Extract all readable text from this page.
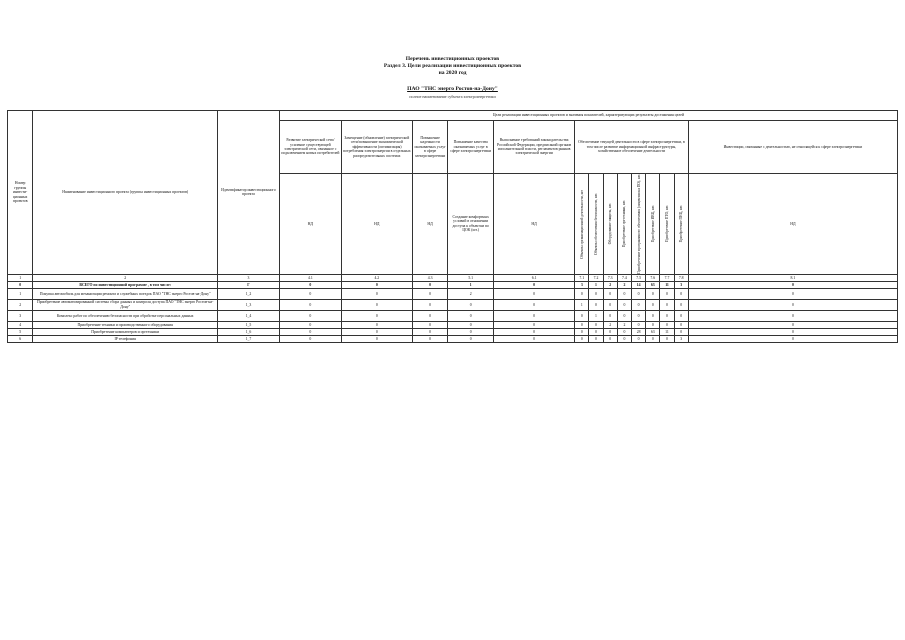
Перечень инвестиционных проектов
Раздел 3. Цели реализации инвестиционных проектов
на 2020 год
ПАО "ТНС энерго Ростов-на-Дону"
полное наименование субъекта электроэнергетики
Номер группы инвести-ционных проектов	Наименование инвестиционного проекта (группы инвестиционных проектов)	Идентификатор инвестиционного проекта	Цели реализации инвестиционных проектов и значения показателей, характеризующих результаты достижения целей													
			Развитие электрической сети/усиление существующей электрической сети, связанное с подключением новых потребителей	Замещение (обновление) электрической сети/повышение экономической эффективности (оптимизация) потребления электроэнергии в отдельных распределительных системах	Повышение надежности оказываемых услуг в сфере электроэнергетики	Повышение качества оказываемых услуг в сфере электроэнергетики	Выполнение требований законодательства Российской Федерации, предписаний органов исполнительной власти, регламентов рынков электрической энергии	Обеспечение текущей деятельности в сфере электроэнергетики, в том числе развитие информационной инфраструктуры, хозяйственное обеспечение деятельности								Инвестиции, связанные с деятельностью, не относящейся к сфере электроэнергетики
			НД	НД	НД	Создание комфортных условий в отношении доступа к объектам по ЦОК (шт.)	НД	Объекты организационной деятельности, шт	Объекты обеспечения безопасности, шт.	Оборудование защиты, шт.	Приобретение оргтехники, шт.	Приобретение программного обеспечения (лицензии на ПО), шт.	Приобретение ИВЦ, шт.	Приобретение ПТО, шт.	Приобретение ПНЦ, шт.	НД
1	2	3	4.1	4.2	4.3	5.1	6.1	7.1	7.2	7.3	7.4	7.5	7.6	7.7	7.8	8.1
0	ВСЕГО по инвестиционной программе , в том числе:	Г	0	0	0	1	0	3	1	2	2	14	63	11	3	0
1	Покупка автомобиль для механизации ремонта и служебных поездок ПАО "ТНС энерго Ростов-на-Дону"	1_2	0	0	0	2	0	0	0	0	0	0	0	0	0	0
2	Приобретение автоматизированной системы сбора данных и контроля доступа ПАО "ТНС энерго Ростов-на-Дону"	1_3	0	0	0	0	0	1	0	0	0	0	0	0	0	0
3	Комплекс работ по обеспечению безопасности при обработке персональных данных	1_4	0	0	0	0	0	0	1	0	0	0	0	0	0	0
4	Приобретение техники и производственного оборудования	1_5	0	0	0	0	0	0	0	2	2	0	0	0	0	0
5	Приобретение компьютеров и оргтехники	1_6	0	0	0	0	0	0	0	0	0	28	63	11	0	0
6	IP телефония	1_7	0	0	0	0	0	0	0	0	0	0	0	0	3	0
